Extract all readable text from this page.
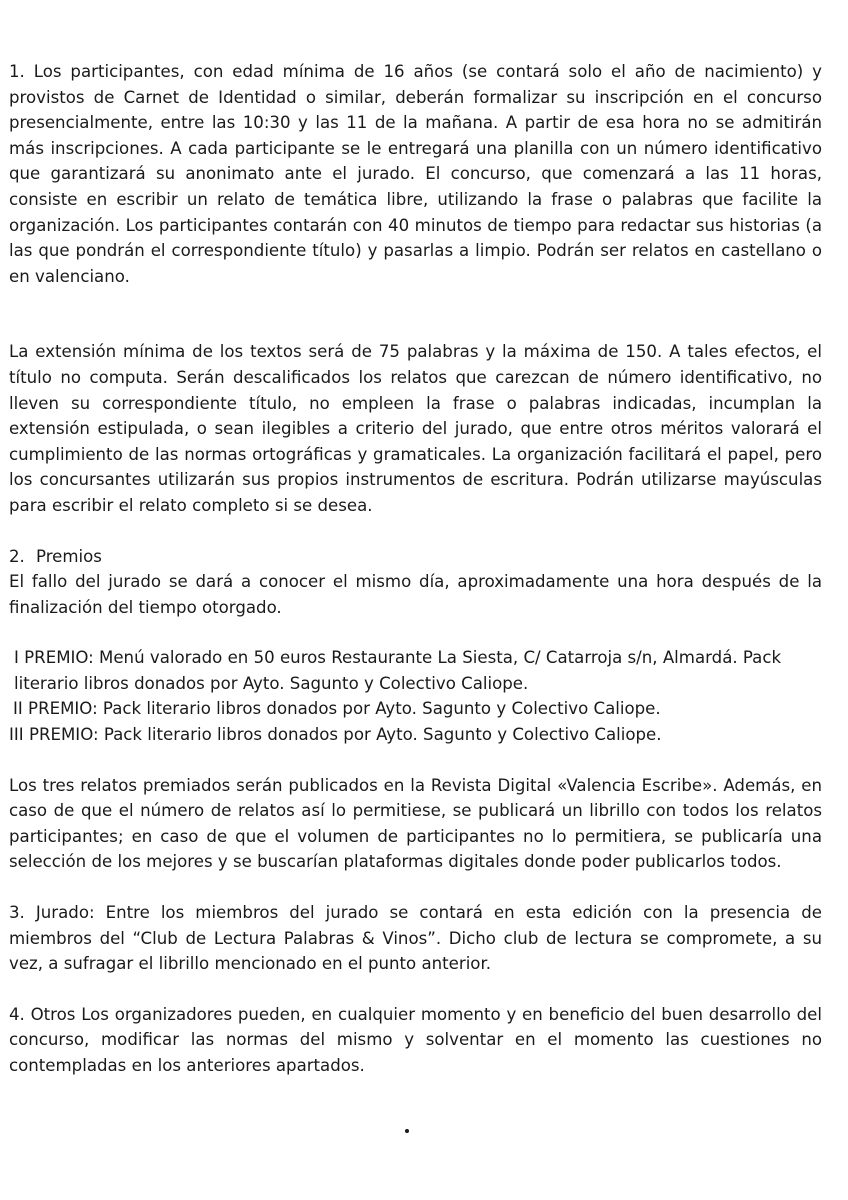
1. Los participantes, con edad mínima de 16 años (se contará solo el año de nacimiento) y provistos de Carnet de Identidad o similar, deberán formalizar su inscripción en el concurso presencialmente, entre las 10:30 y las 11 de la mañana. A partir de esa hora no se admitirán más inscripciones. A cada participante se le entregará una planilla con un número identificativo que garantizará su anonimato ante el jurado. El concurso, que comenzará a las 11 horas, consiste en escribir un relato de temática libre, utilizando la frase o palabras que facilite la organización. Los participantes contarán con 40 minutos de tiempo para redactar sus historias (a las que pondrán el correspondiente título) y pasarlas a limpio. Podrán ser relatos en castellano o en valenciano.

La extensión mínima de los textos será de 75 palabras y la máxima de 150. A tales efectos, el título no computa. Serán descalificados los relatos que carezcan de número identificativo, no lleven su correspondiente título, no empleen la frase o palabras indicadas, incumplan la extensión estipulada, o sean ilegibles a criterio del jurado, que entre otros méritos valorará el cumplimiento de las normas ortográficas y gramaticales. La organización facilitará el papel, pero los concursantes utilizarán sus propios instrumentos de escritura. Podrán utilizarse mayúsculas para escribir el relato completo si se desea.

2. Premios

El fallo del jurado se dará a conocer el mismo día, aproximadamente una hora después de la finalización del tiempo otorgado.

I PREMIO: Menú valorado en 50 euros Restaurante La Siesta, C/ Catarroja s/n, Almardá. Pack literario libros donados por Ayto. Sagunto y Colectivo Caliope.

II PREMIO: Pack literario libros donados por Ayto. Sagunto y Colectivo Caliope.

III PREMIO: Pack literario libros donados por Ayto. Sagunto y Colectivo Caliope.

Los tres relatos premiados serán publicados en la Revista Digital «Valencia Escribe». Además, en caso de que el número de relatos así lo permitiese, se publicará un librillo con todos los relatos participantes; en caso de que el volumen de participantes no lo permitiera, se publicaría una selección de los mejores y se buscarían plataformas digitales donde poder publicarlos todos.

3. Jurado: Entre los miembros del jurado se contará en esta edición con la presencia de miembros del “Club de Lectura Palabras & Vinos”. Dicho club de lectura se compromete, a su vez, a sufragar el librillo mencionado en el punto anterior.

4. Otros Los organizadores pueden, en cualquier momento y en beneficio del buen desarrollo del concurso, modificar las normas del mismo y solventar en el momento las cuestiones no contempladas en los anteriores apartados.
